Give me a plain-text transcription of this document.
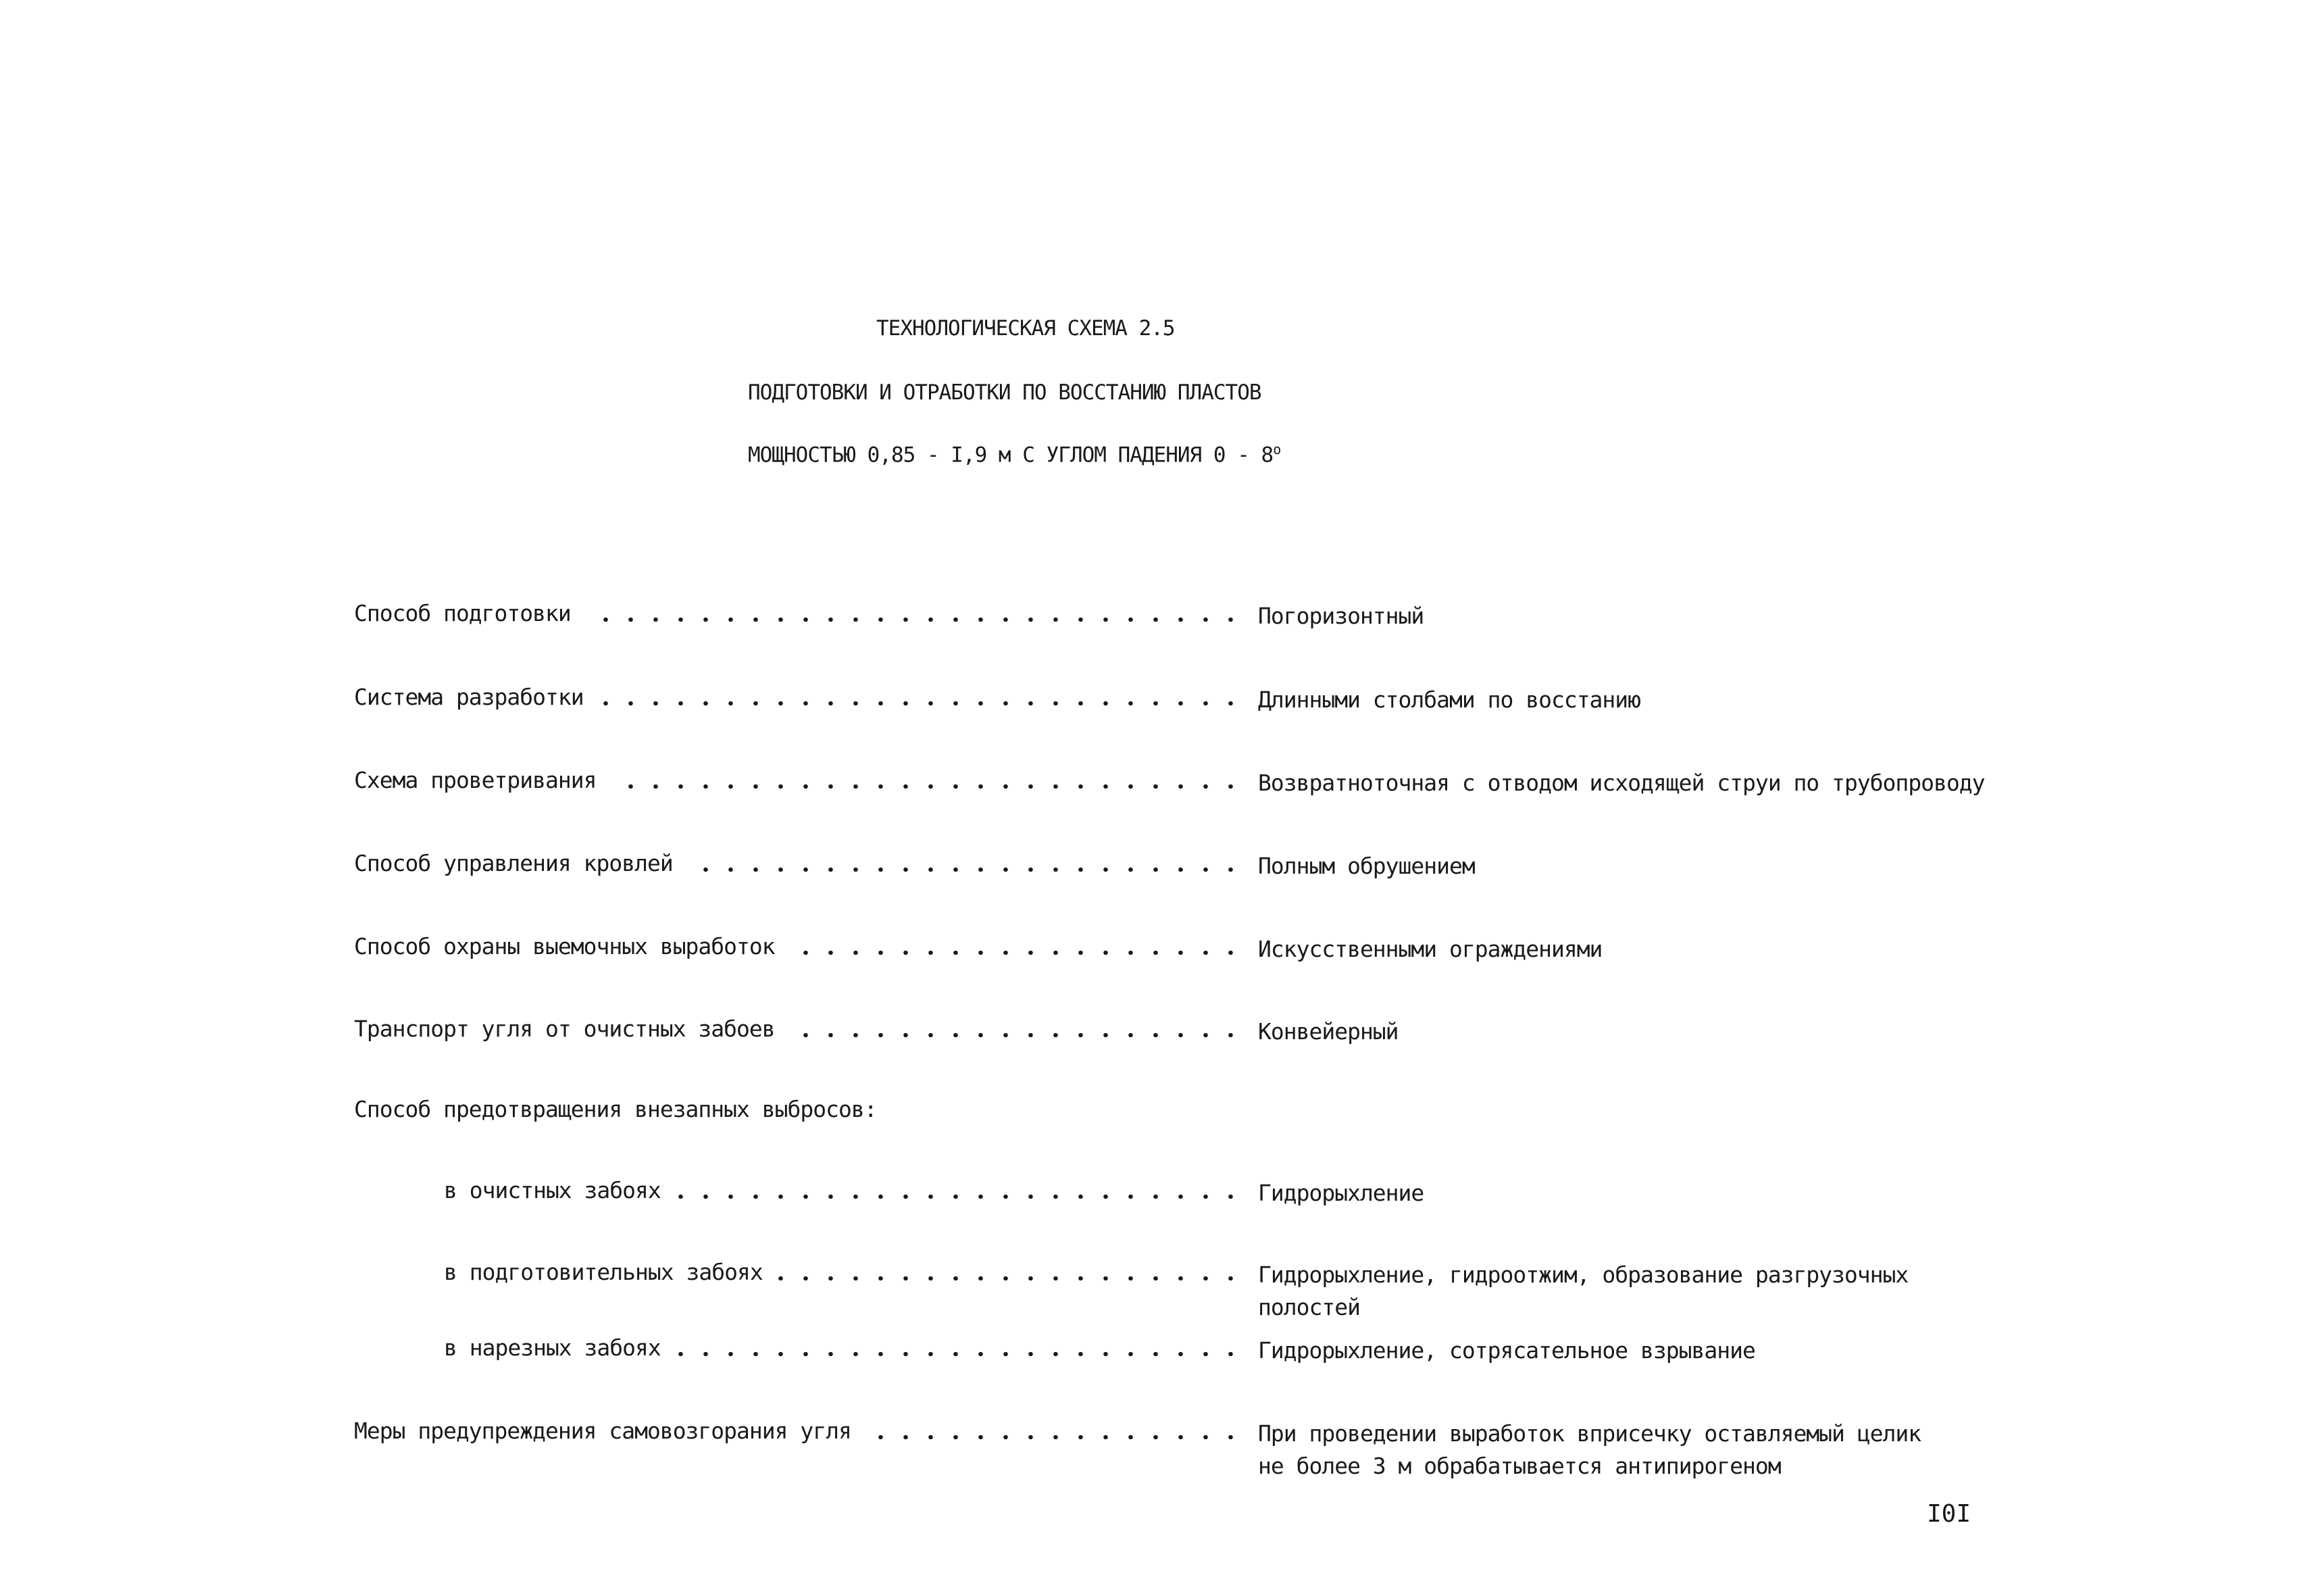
ТЕХНОЛОГИЧЕСКАЯ СХЕМА 2.5
ПОДГОТОВКИ И ОТРАБОТКИ ПО ВОССТАНИЮ ПЛАСТОВ
МОЩНОСТЬЮ 0,85 - I,9 м С УГЛОМ ПАДЕНИЯ $0 - 8^о$
Способ подготовки	Погоризонтный
Система разработки	Длинными столбами по восстанию
Схема проветривания	Возвратноточная с отводом исходящей струи по трубопроводу
Способ управления кровлей	Полным обрушением
Способ охраны выемочных выработок	Искусственными ограждениями
Транспорт угля от очистных забоев	Конвейерный
Способ предотвращения внезапных выбросов:
в очистных забоях	Гидрорыхление
в подготовительных забоях	Гидрорыхление, гидроотжим, образование разгрузочных
полостей
в нарезных забоях	Гидрорыхление, сотрясательное взрывание
Меры предупреждения самовозгорания угля	При проведении выработок вприсечку оставляемый целик
не более 3 м обрабатывается антипирогеном
I0I
